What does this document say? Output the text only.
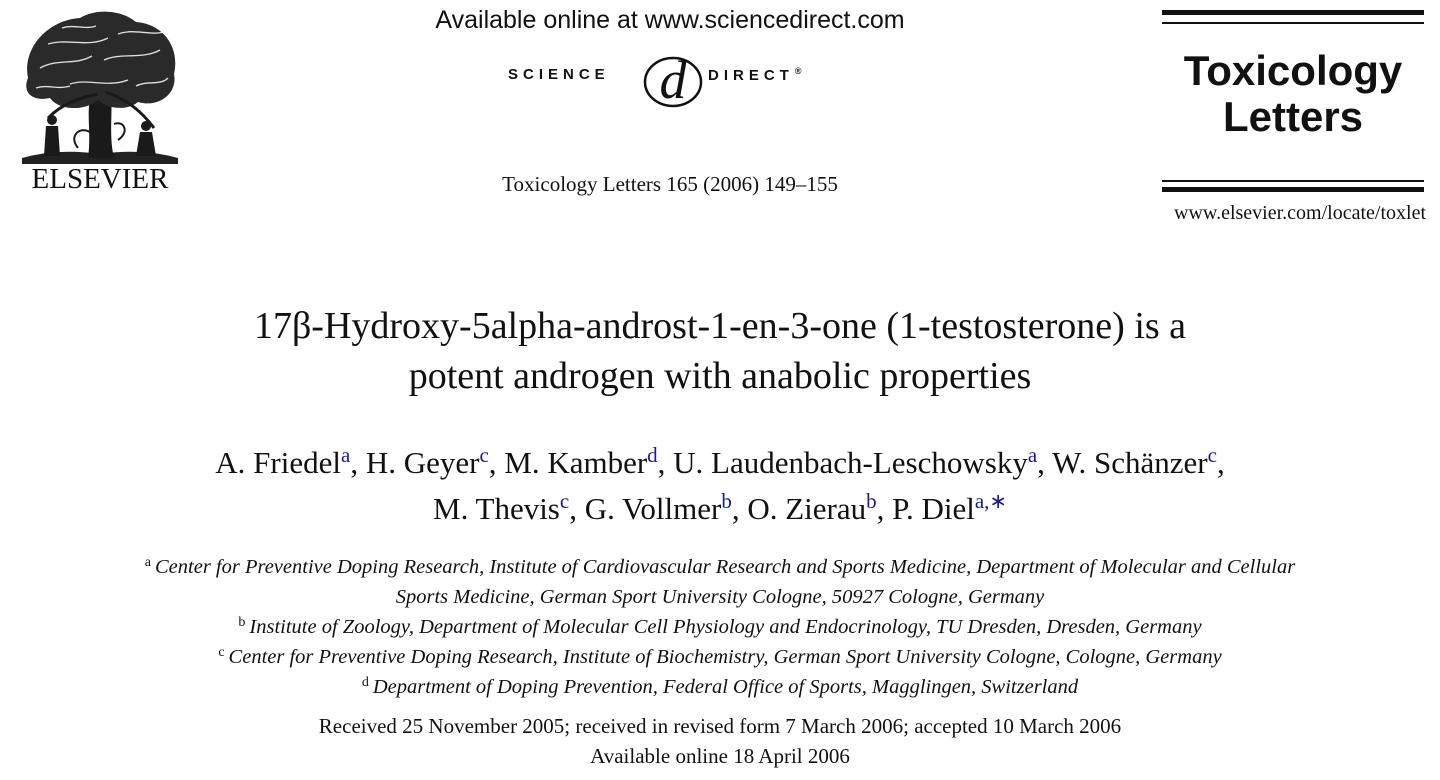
ELSEVIER
Available online at www.sciencedirect.com
SCIENCE d DIRECT®
Toxicology Letters 165 (2006) 149–155
Toxicology
Letters
www.elsevier.com/locate/toxlet
17β-Hydroxy-5alpha-androst-1-en-3-one (1-testosterone) is a
potent androgen with anabolic properties
A. Friedel$^a$, H. Geyer$^c$, M. Kamber$^d$, U. Laudenbach-Leschowsky$^a$, W. Schänzer$^c$,
M. Thevis$^c$, G. Vollmer$^b$, O. Zierau$^b$, P. Diel$^{a,∗}$
$^a$ Center for Preventive Doping Research, Institute of Cardiovascular Research and Sports Medicine, Department of Molecular and Cellular
Sports Medicine, German Sport University Cologne, 50927 Cologne, Germany
$^b$ Institute of Zoology, Department of Molecular Cell Physiology and Endocrinology, TU Dresden, Dresden, Germany
$^c$ Center for Preventive Doping Research, Institute of Biochemistry, German Sport University Cologne, Cologne, Germany
$^d$ Department of Doping Prevention, Federal Office of Sports, Magglingen, Switzerland
Received 25 November 2005; received in revised form 7 March 2006; accepted 10 March 2006
Available online 18 April 2006
